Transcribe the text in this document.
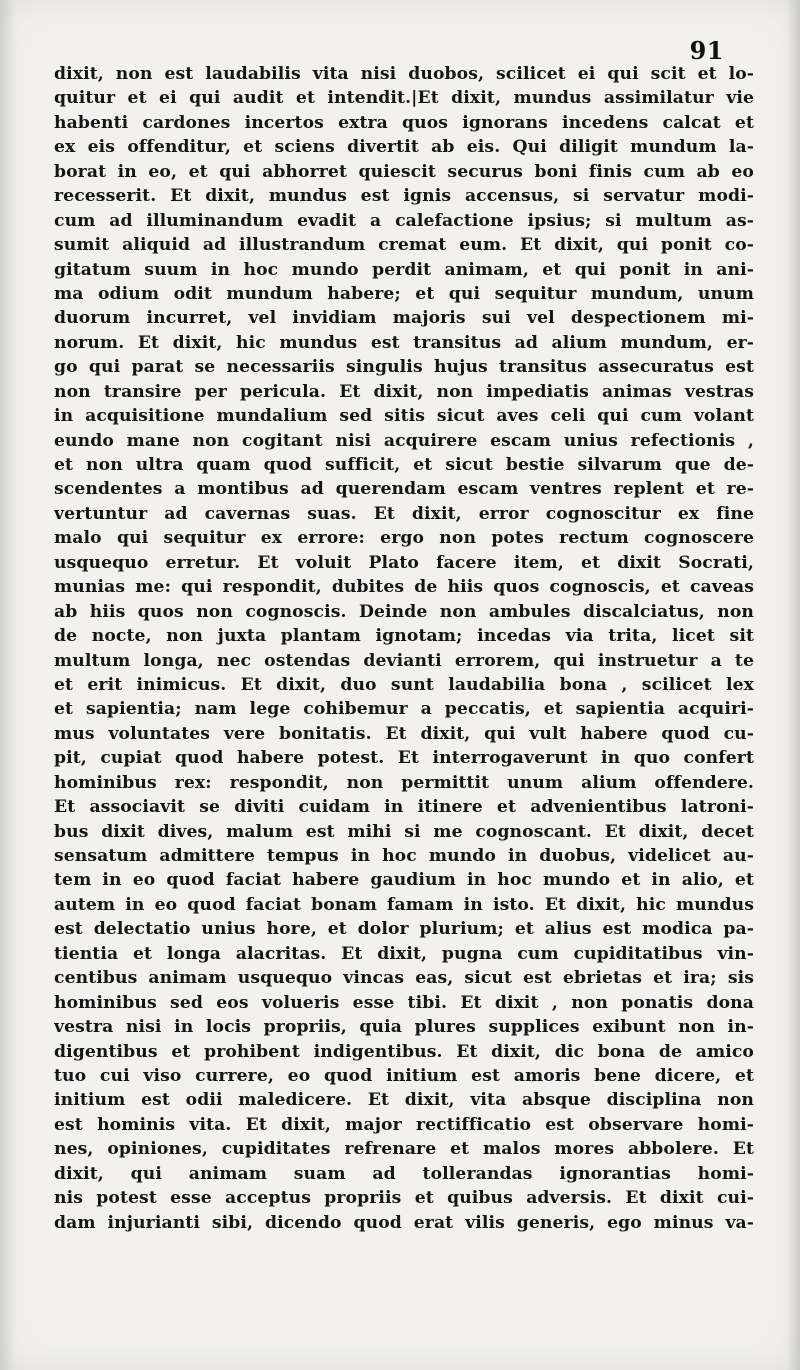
91
dixit, non est laudabilis vita nisi duobos, scilicet ei qui scit et lo-
quitur et ei qui audit et intendit.|Et dixit, mundus assimilatur vie
habenti cardones incertos extra quos ignorans incedens calcat et
ex eis offenditur, et sciens divertit ab eis. Qui diligit mundum la-
borat in eo, et qui abhorret quiescit securus boni finis cum ab eo
recesserit. Et dixit, mundus est ignis accensus, si servatur modi-
cum ad illuminandum evadit a calefactione ipsius; si multum as-
sumit aliquid ad illustrandum cremat eum. Et dixit, qui ponit co-
gitatum suum in hoc mundo perdit animam, et qui ponit in ani-
ma odium odit mundum habere; et qui sequitur mundum, unum
duorum incurret, vel invidiam majoris sui vel despectionem mi-
norum. Et dixit, hic mundus est transitus ad alium mundum, er-
go qui parat se necessariis singulis hujus transitus assecuratus est
non transire per pericula. Et dixit, non impediatis animas vestras
in acquisitione mundalium sed sitis sicut aves celi qui cum volant
eundo mane non cogitant nisi acquirere escam unius refectionis ,
et non ultra quam quod sufficit, et sicut bestie silvarum que de-
scendentes a montibus ad querendam escam ventres replent et re-
vertuntur ad cavernas suas. Et dixit, error cognoscitur ex fine
malo qui sequitur ex errore: ergo non potes rectum cognoscere
usquequo erretur. Et voluit Plato facere item, et dixit Socrati,
munias me: qui respondit, dubites de hiis quos cognoscis, et caveas
ab hiis quos non cognoscis. Deinde non ambules discalciatus, non
de nocte, non juxta plantam ignotam; incedas via trita, licet sit
multum longa, nec ostendas devianti errorem, qui instruetur a te
et erit inimicus. Et dixit, duo sunt laudabilia bona , scilicet lex
et sapientia; nam lege cohibemur a peccatis, et sapientia acquiri-
mus voluntates vere bonitatis. Et dixit, qui vult habere quod cu-
pit, cupiat quod habere potest. Et interrogaverunt in quo confert
hominibus rex: respondit, non permittit unum alium offendere.
Et associavit se diviti cuidam in itinere et advenientibus latroni-
bus dixit dives, malum est mihi si me cognoscant. Et dixit, decet
sensatum admittere tempus in hoc mundo in duobus, videlicet au-
tem in eo quod faciat habere gaudium in hoc mundo et in alio, et
autem in eo quod faciat bonam famam in isto. Et dixit, hic mundus
est delectatio unius hore, et dolor plurium; et alius est modica pa-
tientia et longa alacritas. Et dixit, pugna cum cupiditatibus vin-
centibus animam usquequo vincas eas, sicut est ebrietas et ira; sis
hominibus sed eos volueris esse tibi. Et dixit , non ponatis dona
vestra nisi in locis propriis, quia plures supplices exibunt non in-
digentibus et prohibent indigentibus. Et dixit, dic bona de amico
tuo cui viso currere, eo quod initium est amoris bene dicere, et
initium est odii maledicere. Et dixit, vita absque disciplina non
est hominis vita. Et dixit, major rectifficatio est observare homi-
nes, opiniones, cupiditates refrenare et malos mores abbolere. Et
dixit, qui animam suam ad tollerandas ignorantias homi-
nis potest esse acceptus propriis et quibus adversis. Et dixit cui-
dam injurianti sibi, dicendo quod erat vilis generis, ego minus va-
